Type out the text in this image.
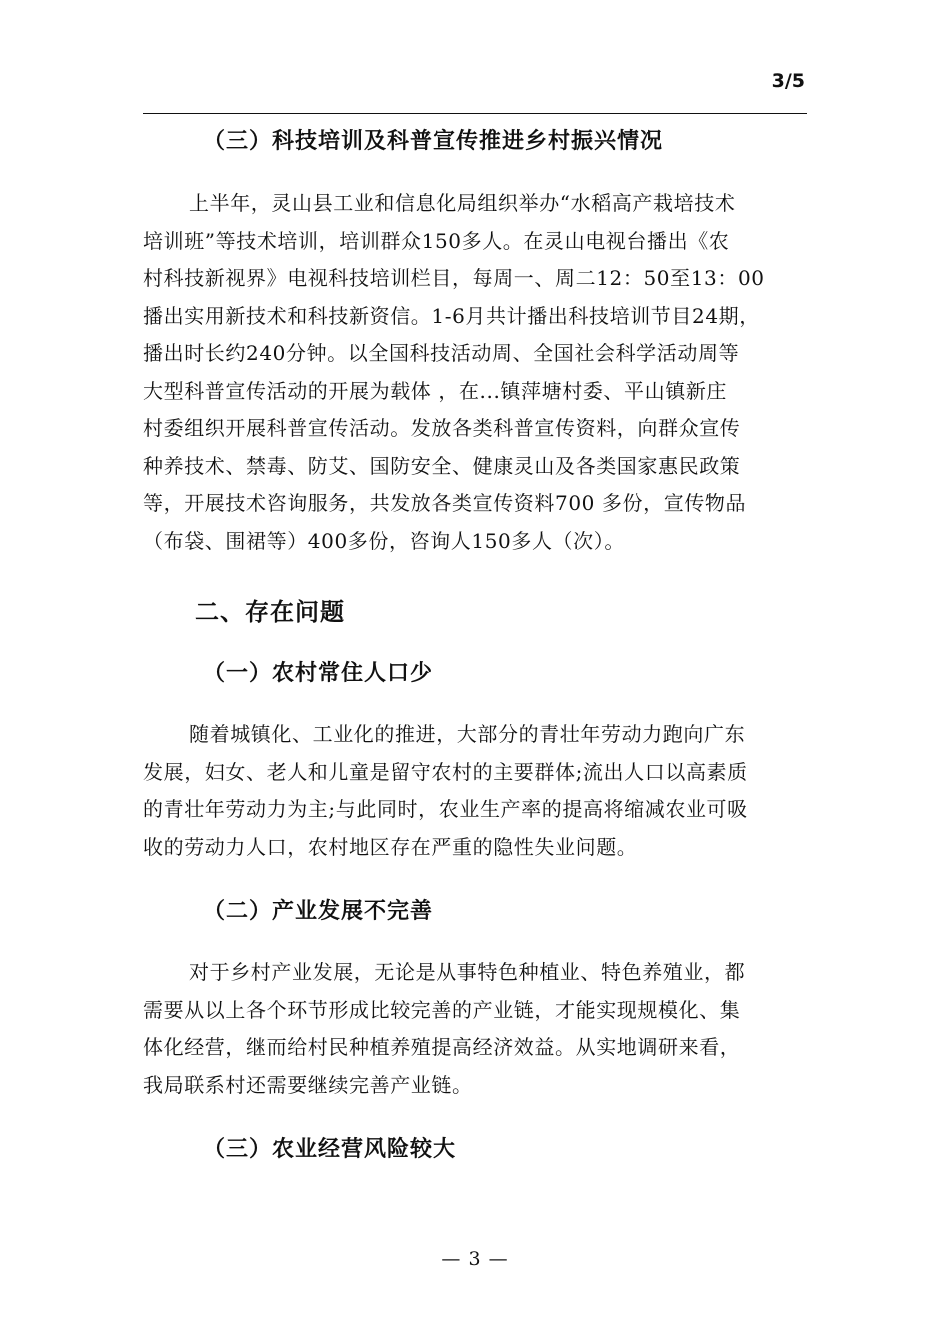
3/5
（三）科技培训及科普宣传推进乡村振兴情况
上半年，灵山县工业和信息化局组织举办“水稻高产栽培技术
培训班”等技术培训，培训群众150多人。在灵山电视台播出《农
村科技新视界》电视科技培训栏目，每周一、周二12：50至13：00
播出实用新技术和科技新资信。1-6月共计播出科技培训节目24期，
播出时长约240分钟。以全国科技活动周、全国社会科学活动周等
大型科普宣传活动的开展为载体 ，在...镇萍塘村委、平山镇新庄
村委组织开展科普宣传活动。发放各类科普宣传资料，向群众宣传
种养技术、禁毒、防艾、国防安全、健康灵山及各类国家惠民政策
等，开展技术咨询服务，共发放各类宣传资料700 多份，宣传物品
（布袋、围裙等）400多份，咨询人150多人（次）。
二、存在问题
（一）农村常住人口少
随着城镇化、工业化的推进，大部分的青壮年劳动力跑向广东
发展，妇女、老人和儿童是留守农村的主要群体;流出人口以高素质
的青壮年劳动力为主;与此同时，农业生产率的提高将缩减农业可吸
收的劳动力人口，农村地区存在严重的隐性失业问题。
（二）产业发展不完善
对于乡村产业发展，无论是从事特色种植业、特色养殖业，都
需要从以上各个环节形成比较完善的产业链，才能实现规模化、集
体化经营，继而给村民种植养殖提高经济效益。从实地调研来看，
我局联系村还需要继续完善产业链。
（三）农业经营风险较大
— 3 —
